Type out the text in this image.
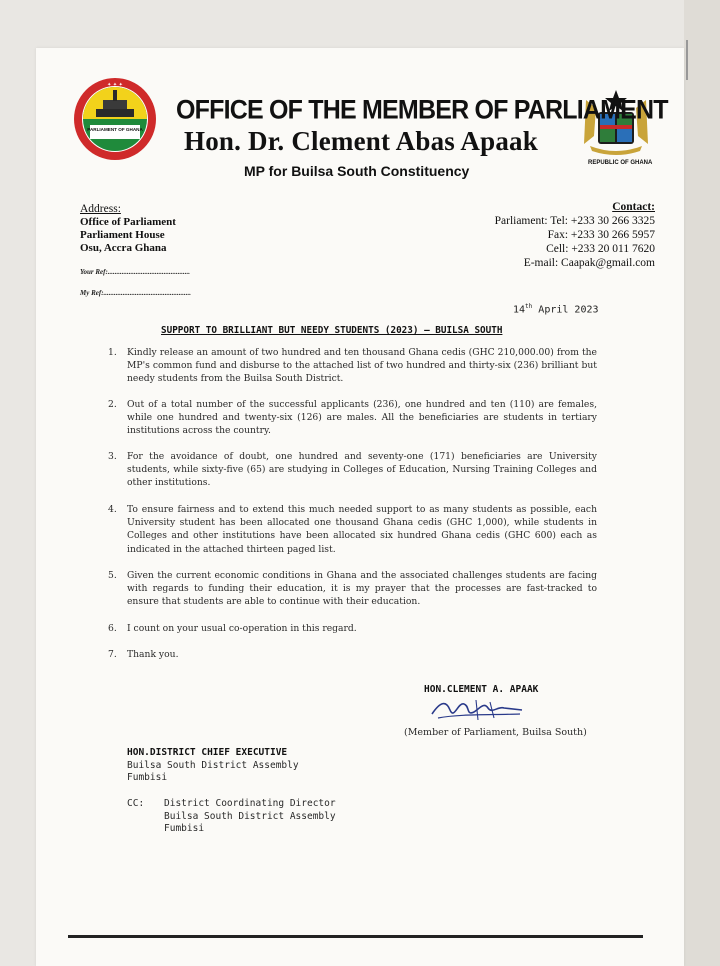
PARLIAMENT OF GHANA
✦ ✦ ✦
OFFICE OF THE MEMBER OF PARLIAMENT
Hon. Dr. Clement Abas Apaak
MP for Builsa South Constituency	REPUBLIC OF GHANA
Address:
Office of Parliament
Parliament House
Osu, Accra Ghana
Contact:
Parliament: Tel: +233 30 266 3325
Fax: +233 30 266 5957
Cell: +233 20 011 7620
E-mail: Caapak@gmail.com
Your Ref:...............................................
My Ref:..................................................
14th April 2023
SUPPORT TO BRILLIANT BUT NEEDY STUDENTS (2023) – BUILSA SOUTH
1. Kindly release an amount of two hundred and ten thousand Ghana cedis (GHC 210,000.00) from the MP's common fund and disburse to the attached list of two hundred and thirty-six (236) brilliant but needy students from the Builsa South District.
2. Out of a total number of the successful applicants (236), one hundred and ten (110) are females, while one hundred and twenty-six (126) are males. All the beneficiaries are students in tertiary institutions across the country.
3. For the avoidance of doubt, one hundred and seventy-one (171) beneficiaries are University students, while sixty-five (65) are studying in Colleges of Education, Nursing Training Colleges and other institutions.
4. To ensure fairness and to extend this much needed support to as many students as possible, each University student has been allocated one thousand Ghana cedis (GHC 1,000), while students in Colleges and other institutions have been allocated six hundred Ghana cedis (GHC 600) each as indicated in the attached thirteen paged list.
5. Given the current economic conditions in Ghana and the associated challenges students are facing with regards to funding their education, it is my prayer that the processes are fast-tracked to ensure that students are able to continue with their education.
6. I count on your usual co-operation in this regard.
7. Thank you.
HON.CLEMENT A. APAAK
(Member of Parliament, Builsa South)
HON.DISTRICT CHIEF EXECUTIVE
Builsa South District Assembly
Fumbisi
CC: District Coordinating Director
Builsa South District Assembly
Fumbisi
